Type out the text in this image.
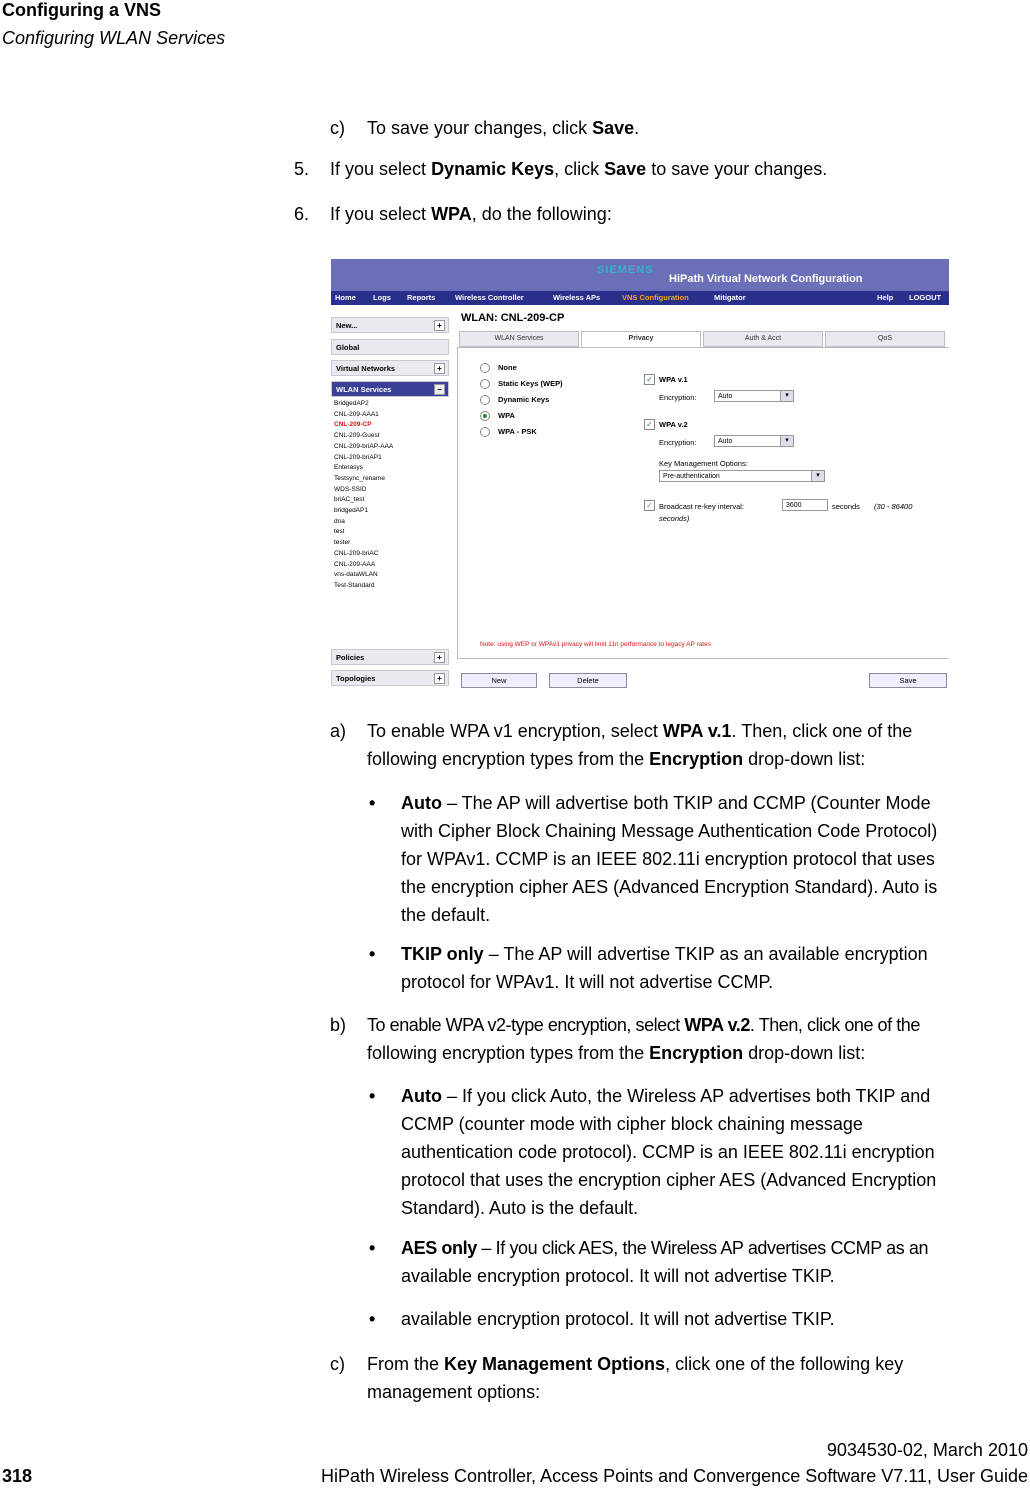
Configuring a VNS
Configuring WLAN Services
c) To save your changes, click Save.
5. If you select Dynamic Keys, click Save to save your changes.
6. If you select WPA, do the following:
SIEMENS
HiPath Virtual Network Configuration
Home Logs Reports	Wireless Controller	Wireless APs	VNS Configuration	Mitigator	Help LOGOUT
New...	+
Global
Virtual Networks	+
WLAN Services	−
BridgedAP2
CNL-209-AAA1
CNL-209-CP
CNL-209-Guest
CNL-209-briAP-AAA
CNL-209-briAP1
Enterasys
Testsync_rename
WDS-SSID
briAC_test
bridgedAP1
dna
test
tester
CNL-209-briAC
CNL-209-AAA
vns-dataWLAN
Test-Standard
Policies	+
Topologies	+
WLAN: CNL-209-CP
WLAN Services	Privacy	Auth & Acct	QoS
None
Static Keys (WEP)
Dynamic Keys
WPA
WPA - PSK
✓ WPA v.1
Encryption:	Auto	▾
✓ WPA v.2
Encryption:	Auto	▾
Key Management Options:
Pre-authentication	▾
✓ Broadcast re-key interval:	3600	seconds (30 - 86400
seconds)
Note: using WEP or WPAv1 privacy will limit 11n performance to legacy AP rates
New	Delete	Save
a) To enable WPA v1 encryption, select WPA v.1. Then, click one of the
following encryption types from the Encryption drop-down list:
• Auto – The AP will advertise both TKIP and CCMP (Counter Mode
with Cipher Block Chaining Message Authentication Code Protocol)
for WPAv1. CCMP is an IEEE 802.11i encryption protocol that uses
the encryption cipher AES (Advanced Encryption Standard). Auto is
the default.
• TKIP only – The AP will advertise TKIP as an available encryption
protocol for WPAv1. It will not advertise CCMP.
b) To enable WPA v2-type encryption, select WPA v.2. Then, click one of the
following encryption types from the Encryption drop-down list:
• Auto – If you click Auto, the Wireless AP advertises both TKIP and
CCMP (counter mode with cipher block chaining message
authentication code protocol). CCMP is an IEEE 802.11i encryption
protocol that uses the encryption cipher AES (Advanced Encryption
Standard). Auto is the default.
• AES only – If you click AES, the Wireless AP advertises CCMP as an
available encryption protocol. It will not advertise TKIP.
• available encryption protocol. It will not advertise TKIP.
c) From the Key Management Options, click one of the following key
management options:
9034530-02, March 2010
318	HiPath Wireless Controller, Access Points and Convergence Software V7.11, User Guide
